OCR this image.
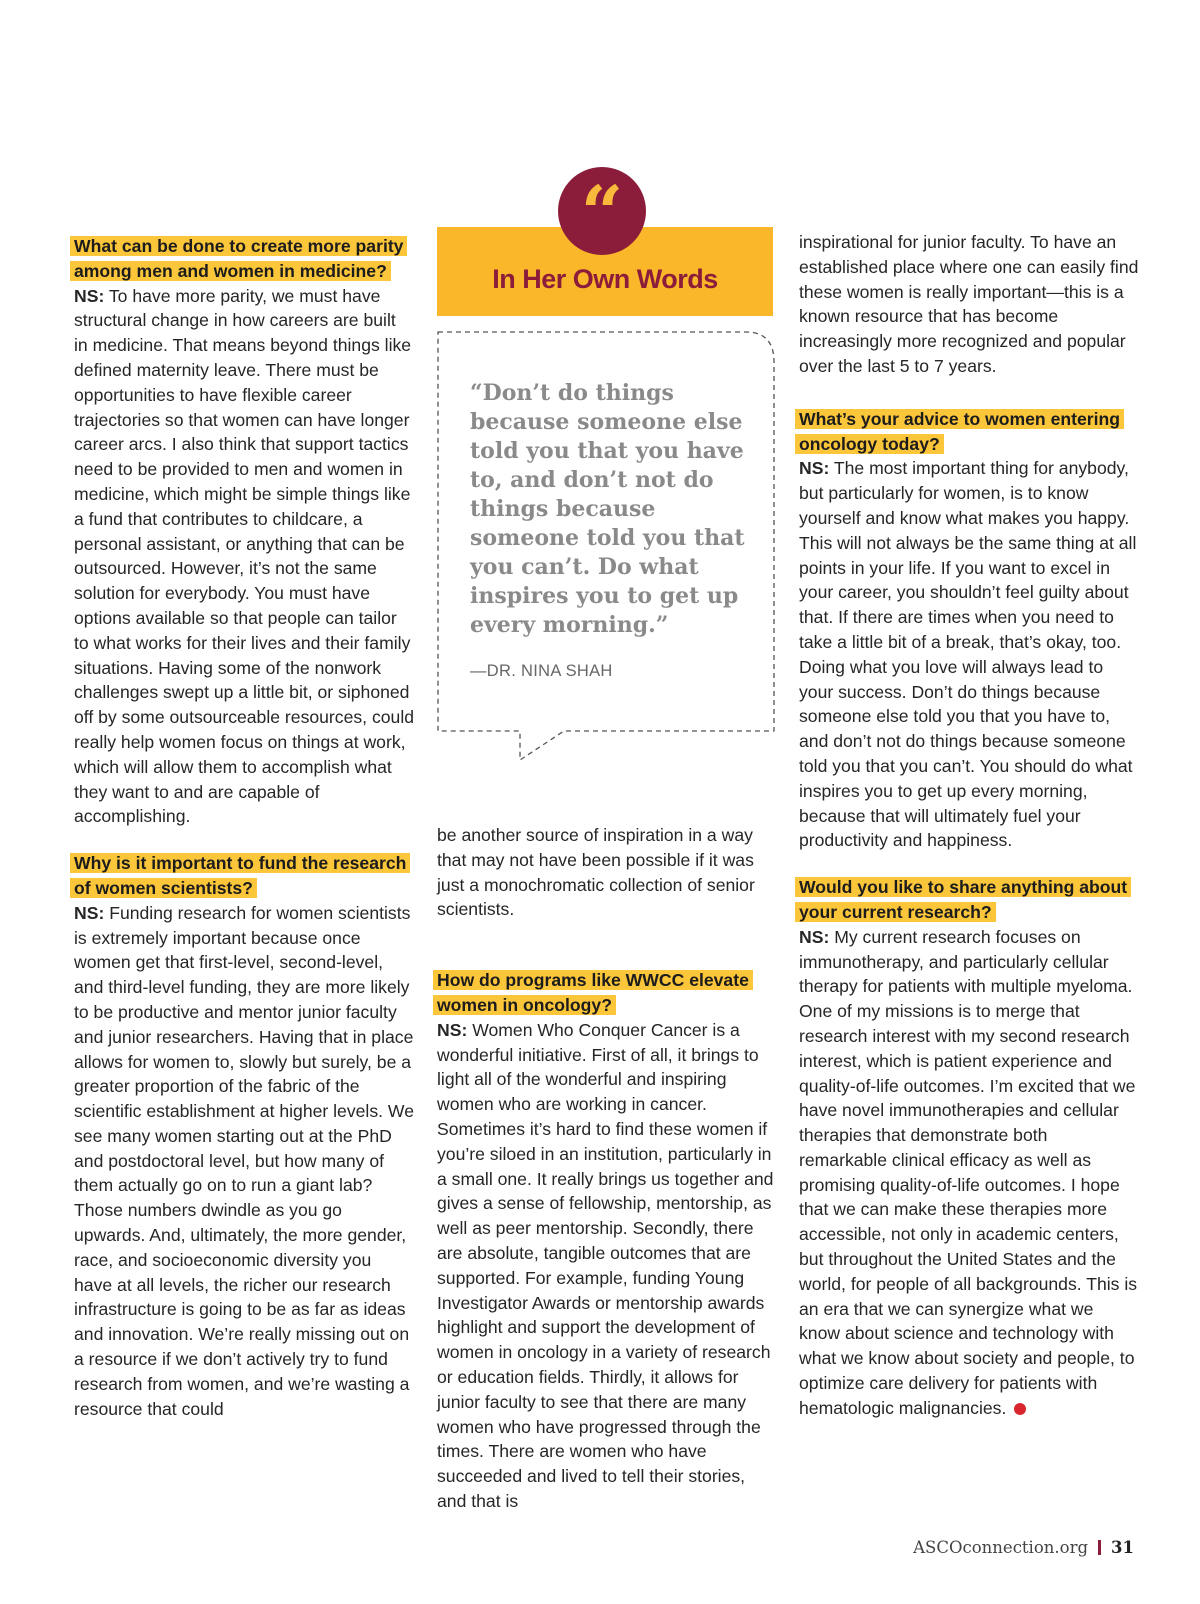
What can be done to create more parity among men and women in medicine?

NS: To have more parity, we must have structural change in how careers are built in medicine. That means beyond things like defined maternity leave. There must be opportunities to have flexible career trajectories so that women can have longer career arcs. I also think that support tactics need to be provided to men and women in medicine, which might be simple things like a fund that contributes to childcare, a personal assistant, or anything that can be outsourced. However, it’s not the same solution for everybody. You must have options available so that people can tailor to what works for their lives and their family situations. Having some of the nonwork challenges swept up a little bit, or siphoned off by some outsourceable resources, could really help women focus on things at work, which will allow them to accomplish what they want to and are capable of accomplishing.

Why is it important to fund the research of women scientists?

NS: Funding research for women scientists is extremely important because once women get that first-level, second-level, and third-level funding, they are more likely to be productive and mentor junior faculty and junior researchers. Having that in place allows for women to, slowly but surely, be a greater proportion of the fabric of the scientific establishment at higher levels. We see many women starting out at the PhD and postdoctoral level, but how many of them actually go on to run a giant lab? Those numbers dwindle as you go upwards. And, ultimately, the more gender, race, and socioeconomic diversity you have at all levels, the richer our research infrastructure is going to be as far as ideas and innovation. We’re really missing out on a resource if we don’t actively try to fund research from women, and we’re wasting a resource that could

In Her Own Words
“
“Don’t do things because someone else told you that you have to, and don’t not do things because someone told you that you can’t. Do what inspires you to get up every morning.”
—DR. NINA SHAH

be another source of inspiration in a way that may not have been possible if it was just a monochromatic collection of senior scientists.

How do programs like WWCC elevate women in oncology?

NS: Women Who Conquer Cancer is a wonderful initiative. First of all, it brings to light all of the wonderful and inspiring women who are working in cancer. Sometimes it’s hard to find these women if you’re siloed in an institution, particularly in a small one. It really brings us together and gives a sense of fellowship, mentorship, as well as peer mentorship. Secondly, there are absolute, tangible outcomes that are supported. For example, funding Young Investigator Awards or mentorship awards highlight and support the development of women in oncology in a variety of research or education fields. Thirdly, it allows for junior faculty to see that there are many women who have progressed through the times. There are women who have succeeded and lived to tell their stories, and that is

inspirational for junior faculty. To have an established place where one can easily find these women is really important—this is a known resource that has become increasingly more recognized and popular over the last 5 to 7 years.

What’s your advice to women entering oncology today?

NS: The most important thing for anybody, but particularly for women, is to know yourself and know what makes you happy. This will not always be the same thing at all points in your life. If you want to excel in your career, you shouldn’t feel guilty about that. If there are times when you need to take a little bit of a break, that’s okay, too. Doing what you love will always lead to your success. Don’t do things because someone else told you that you have to, and don’t not do things because someone told you that you can’t. You should do what inspires you to get up every morning, because that will ultimately fuel your productivity and happiness.

Would you like to share anything about your current research?

NS: My current research focuses on immunotherapy, and particularly cellular therapy for patients with multiple myeloma. One of my missions is to merge that research interest with my second research interest, which is patient experience and quality-of-life outcomes. I’m excited that we have novel immunotherapies and cellular therapies that demonstrate both remarkable clinical efficacy as well as promising quality-of-life outcomes. I hope that we can make these therapies more accessible, not only in academic centers, but throughout the United States and the world, for people of all backgrounds. This is an era that we can synergize what we know about science and technology with what we know about society and people, to optimize care delivery for patients with hematologic malignancies.

ASCOconnection.org 31
